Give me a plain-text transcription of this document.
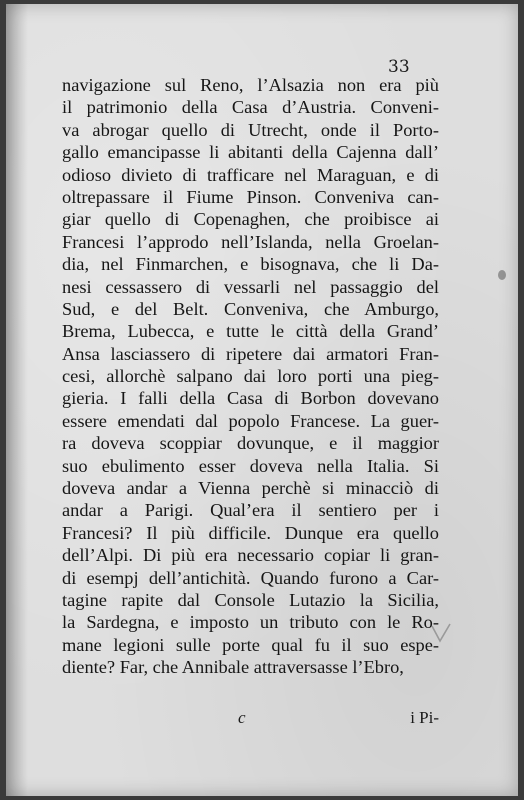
33
navigazione sul Reno, l’Alsazia non era più
il patrimonio della Casa d’Austria. Conveni-
va abrogar quello di Utrecht, onde il Porto-
gallo emancipasse li abitanti della Cajenna dall’
odioso divieto di trafficare nel Maraguan, e di
oltrepassare il Fiume Pinson. Conveniva can-
giar quello di Copenaghen, che proibisce ai
Francesi l’approdo nell’Islanda, nella Groelan-
dia, nel Finmarchen, e bisognava, che li Da-
nesi cessassero di vessarli nel passaggio del
Sud, e del Belt. Conveniva, che Amburgo,
Brema, Lubecca, e tutte le città della Grand’
Ansa lasciassero di ripetere dai armatori Fran-
cesi, allorchè salpano dai loro porti una pieg-
gieria. I falli della Casa di Borbon dovevano
essere emendati dal popolo Francese. La guer-
ra doveva scoppiar dovunque, e il maggior
suo ebulimento esser doveva nella Italia. Si
doveva andar a Vienna perchè si minacciò di
andar a Parigi. Qual’era il sentiero per i
Francesi? Il più difficile. Dunque era quello
dell’Alpi. Di più era necessario copiar li gran-
di esempj dell’antichità. Quando furono a Car-
tagine rapite dal Console Lutazio la Sicilia,
la Sardegna, e imposto un tributo con le Ro-
mane legioni sulle porte qual fu il suo espe-
diente? Far, che Annibale attraversasse l’Ebro,
c	i Pi-
